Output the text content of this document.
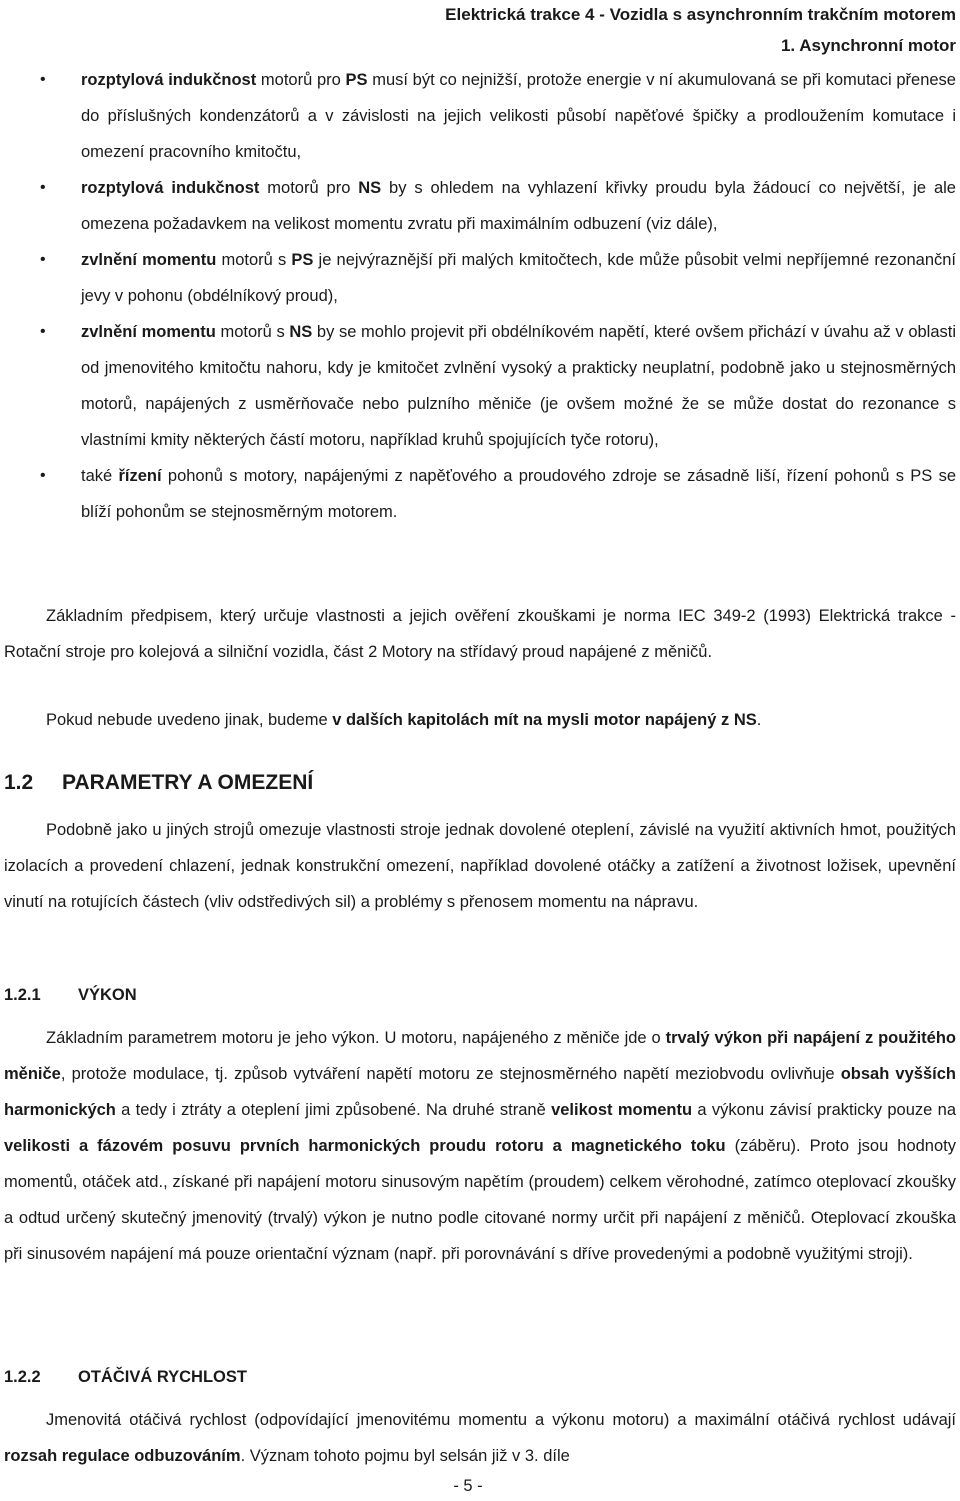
Elektrická trakce 4 - Vozidla s asynchronním trakčním motorem
1. Asynchronní motor
• rozptylová indukčnost motorů pro PS musí být co nejnižší, protože energie v ní akumulovaná se při komutaci přenese do příslušných kondenzátorů a v závislosti na jejich velikosti působí napěťové špičky a prodloužením komutace i omezení pracovního kmitočtu,
• rozptylová indukčnost motorů pro NS by s ohledem na vyhlazení křivky proudu byla žádoucí co největší, je ale omezena požadavkem na velikost momentu zvratu při maximálním odbuzení (viz dále),
• zvlnění momentu motorů s PS je nejvýraznější při malých kmitočtech, kde může působit velmi nepříjemné rezonanční jevy v pohonu (obdélníkový proud),
• zvlnění momentu motorů s NS by se mohlo projevit při obdélníkovém napětí, které ovšem přichází v úvahu až v oblasti od jmenovitého kmitočtu nahoru, kdy je kmitočet zvlnění vysoký a prakticky neuplatní, podobně jako u stejnosměrných motorů, napájených z usměrňovače nebo pulzního měniče (je ovšem možné že se může dostat do rezonance s vlastními kmity některých částí motoru, například kruhů spojujících tyče rotoru),
• také řízení pohonů s motory, napájenými z napěťového a proudového zdroje se zásadně liší, řízení pohonů s PS se blíží pohonům se stejnosměrným motorem.

Základním předpisem, který určuje vlastnosti a jejich ověření zkouškami je norma IEC 349-2 (1993) Elektrická trakce - Rotační stroje pro kolejová a silniční vozidla, část 2 Motory na střídavý proud napájené z měničů.

Pokud nebude uvedeno jinak, budeme v dalších kapitolách mít na mysli motor napájený z NS.

1.2 PARAMETRY A OMEZENÍ

Podobně jako u jiných strojů omezuje vlastnosti stroje jednak dovolené oteplení, závislé na využití aktivních hmot, použitých izolacích a provedení chlazení, jednak konstrukční omezení, například dovolené otáčky a zatížení a životnost ložisek, upevnění vinutí na rotujících částech (vliv odstředivých sil) a problémy s přenosem momentu na nápravu.

1.2.1 VÝKON

Základním parametrem motoru je jeho výkon. U motoru, napájeného z měniče jde o trvalý výkon při napájení z použitého měniče, protože modulace, tj. způsob vytváření napětí motoru ze stejnosměrného napětí meziobvodu ovlivňuje obsah vyšších harmonických a tedy i ztráty a oteplení jimi způsobené. Na druhé straně velikost momentu a výkonu závisí prakticky pouze na velikosti a fázovém posuvu prvních harmonických proudu rotoru a magnetického toku (záběru). Proto jsou hodnoty momentů, otáček atd., získané při napájení motoru sinusovým napětím (proudem) celkem věrohodné, zatímco oteplovací zkoušky a odtud určený skutečný jmenovitý (trvalý) výkon je nutno podle citované normy určit při napájení z měničů. Oteplovací zkouška při sinusovém napájení má pouze orientační význam (např. při porovnávání s dříve provedenými a podobně využitými stroji).

1.2.2 OTÁČIVÁ RYCHLOST

Jmenovitá otáčivá rychlost (odpovídající jmenovitému momentu a výkonu motoru) a maximální otáčivá rychlost udávají rozsah regulace odbuzováním. Význam tohoto pojmu byl selsán již v 3. díle

- 5 -
